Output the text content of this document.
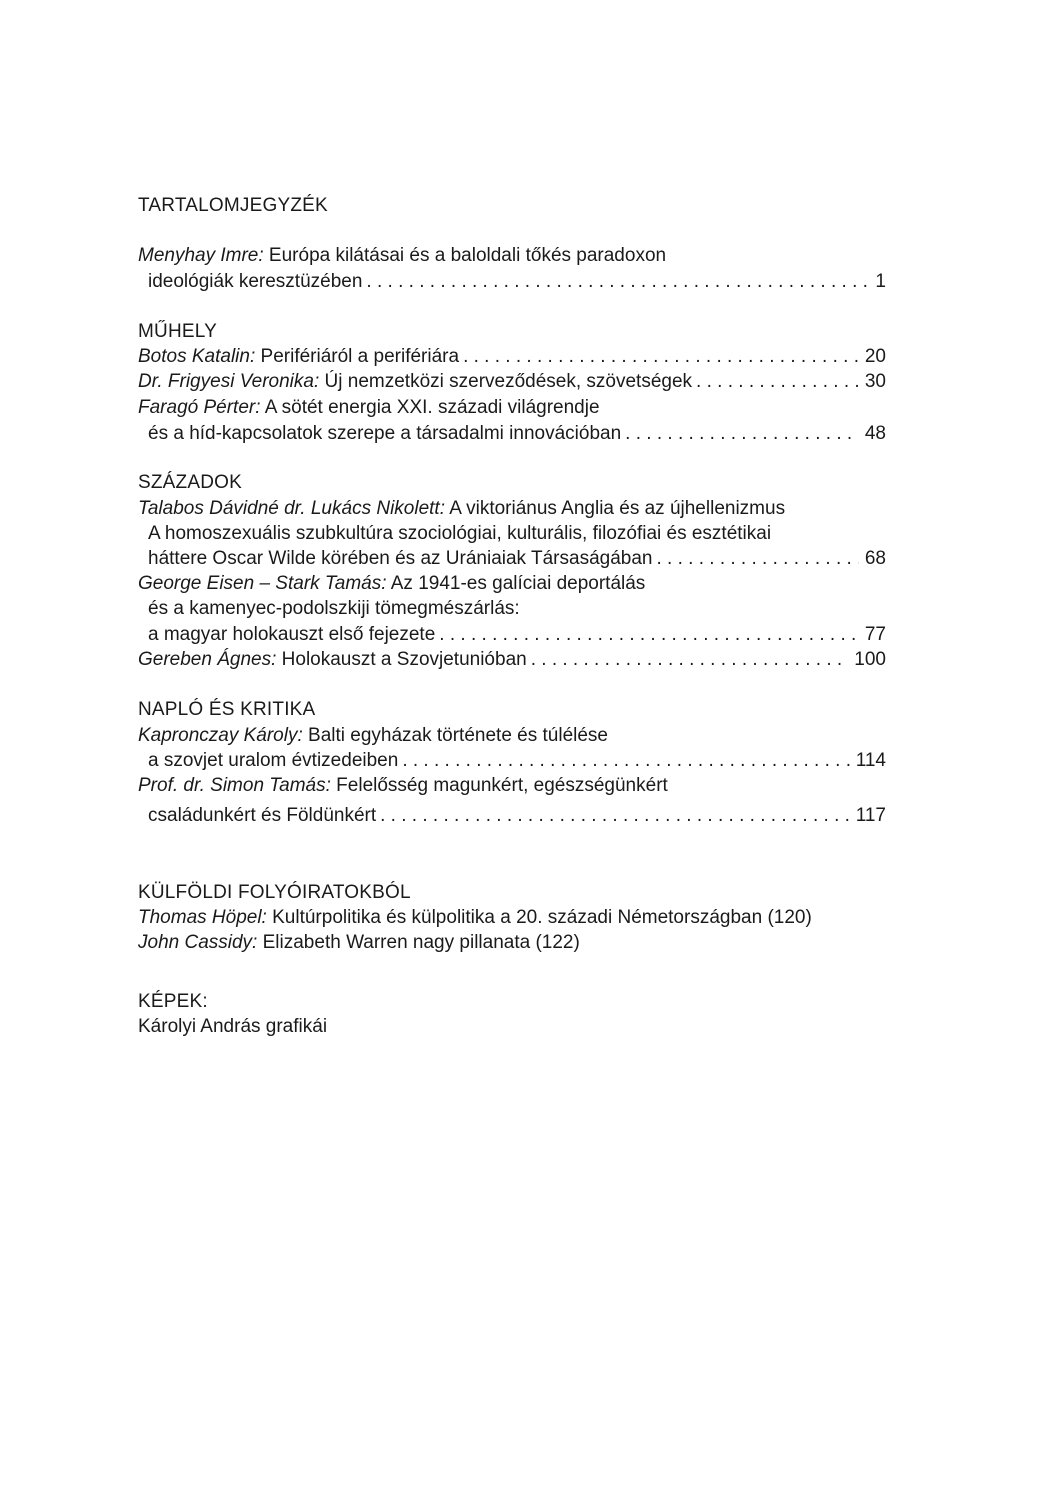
TARTALOMJEGYZÉK
Menyhay Imre: Európa kilátásai és a baloldali tőkés paradoxon
ideológiák keresztüzében . . .	1
MŰHELY
Botos Katalin: Perifériáról a perifériára . . .	20
Dr. Frigyesi Veronika: Új nemzetközi szerveződések, szövetségek . . .	30
Faragó Pérter: A sötét energia XXI. századi világrendje
és a híd-kapcsolatok szerepe a társadalmi innovációban . . .	48
SZÁZADOK
Talabos Dávidné dr. Lukács Nikolett: A viktoriánus Anglia és az újhellenizmus
A homoszexuális szubkultúra szociológiai, kulturális, filozófiai és esztétikai
háttere Oscar Wilde körében és az Urániaiak Társaságában . . .	68
George Eisen – Stark Tamás: Az 1941-es galíciai deportálás
és a kamenyec-podolszkiji tömegmészárlás:
a magyar holokauszt első fejezete . . .	77
Gereben Ágnes: Holokauszt a Szovjetunióban . . .	100
NAPLÓ ÉS KRITIKA
Kapronczay Károly: Balti egyházak története és túlélése
a szovjet uralom évtizedeiben . . .	114
Prof. dr. Simon Tamás: Felelősség magunkért, egészségünkért
családunkért és Földünkért . . .	117
KÜLFÖLDI FOLYÓIRATOKBÓL
Thomas Höpel: Kultúrpolitika és külpolitika a 20. századi Németországban (120)
John Cassidy: Elizabeth Warren nagy pillanata (122)
KÉPEK:
Károlyi András grafikái
